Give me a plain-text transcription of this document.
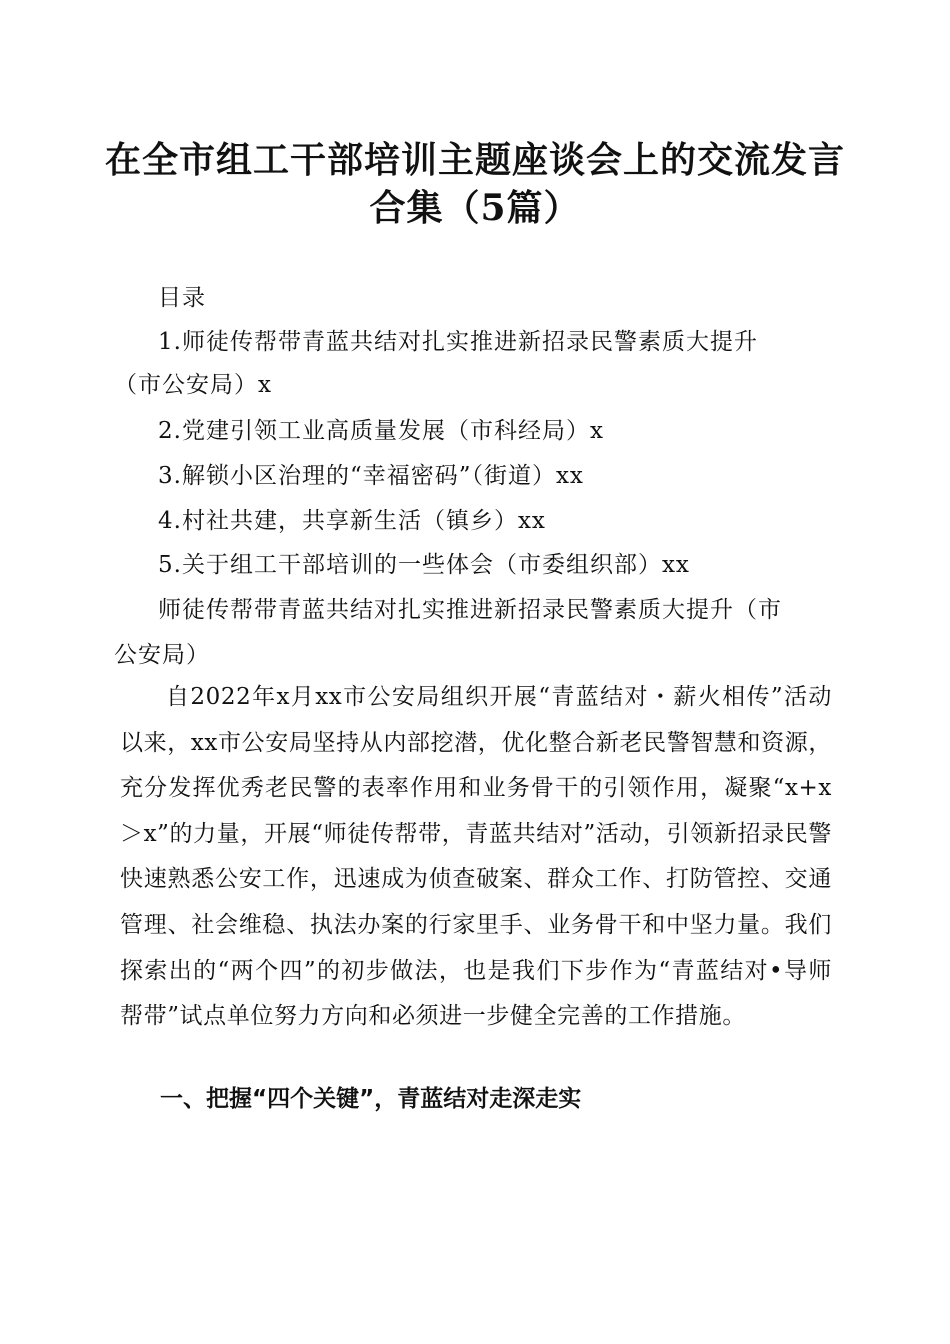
在全市组工干部培训主题座谈会上的交流发言
合集（5篇）
目录
1.师徒传帮带青蓝共结对扎实推进新招录民警素质大提升
（市公安局）x
2.党建引领工业高质量发展（市科经局）x
3.解锁小区治理的“幸福密码”（街道）xx
4.村社共建，共享新生活（镇乡）xx
5.关于组工干部培训的一些体会（市委组织部）xx
师徒传帮带青蓝共结对扎实推进新招录民警素质大提升（市
公安局）
自2022年x月xx市公安局组织开展“青蓝结对・薪火相传”活动以来，xx市公安局坚持从内部挖潜，优化整合新老民警智慧和资源，充分发挥优秀老民警的表率作用和业务骨干的引领作用，凝聚“x+x＞x”的力量，开展“师徒传帮带，青蓝共结对”活动，引领新招录民警快速熟悉公安工作，迅速成为侦查破案、群众工作、打防管控、交通管理、社会维稳、执法办案的行家里手、业务骨干和中坚力量。我们探索出的“两个四”的初步做法，也是我们下步作为“青蓝结对•导师帮带”试点单位努力方向和必须进一步健全完善的工作措施。
一、把握“四个关键”，青蓝结对走深走实
